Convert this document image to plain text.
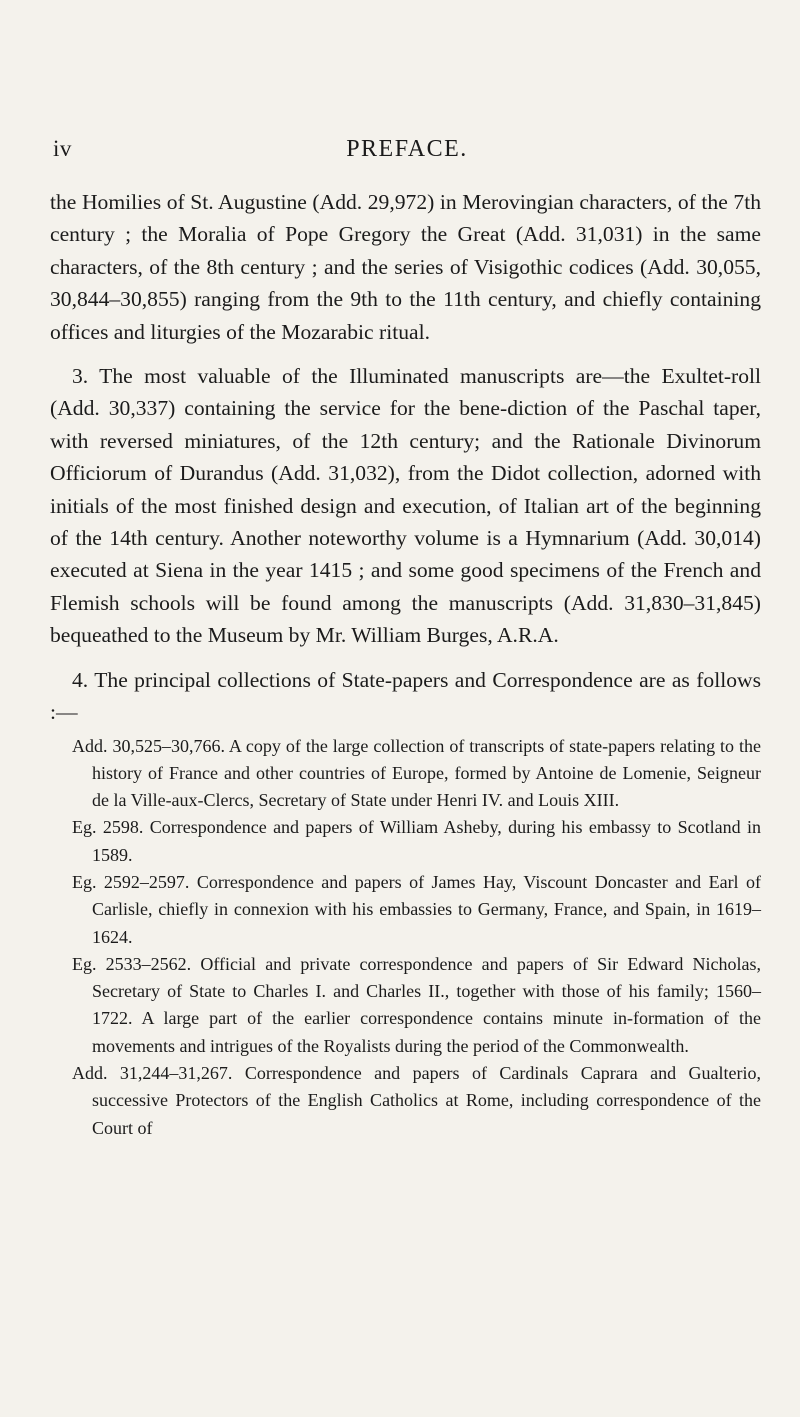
iv	PREFACE.

the Homilies of St. Augustine (Add. 29,972) in Merovingian characters, of the 7th century ; the Moralia of Pope Gregory the Great (Add. 31,031) in the same characters, of the 8th century ; and the series of Visigothic codices (Add. 30,055, 30,844–30,855) ranging from the 9th to the 11th century, and chiefly containing offices and liturgies of the Mozarabic ritual.

3. The most valuable of the Illuminated manuscripts are—the Exultet-roll (Add. 30,337) containing the service for the bene-diction of the Paschal taper, with reversed miniatures, of the 12th century; and the Rationale Divinorum Officiorum of Durandus (Add. 31,032), from the Didot collection, adorned with initials of the most finished design and execution, of Italian art of the beginning of the 14th century. Another noteworthy volume is a Hymnarium (Add. 30,014) executed at Siena in the year 1415 ; and some good specimens of the French and Flemish schools will be found among the manuscripts (Add. 31,830–31,845) bequeathed to the Museum by Mr. William Burges, A.R.A.

4. The principal collections of State-papers and Correspondence are as follows :—

Add. 30,525–30,766. A copy of the large collection of transcripts of state-papers relating to the history of France and other countries of Europe, formed by Antoine de Lomenie, Seigneur de la Ville-aux-Clercs, Secretary of State under Henri IV. and Louis XIII.

Eg. 2598. Correspondence and papers of William Asheby, during his embassy to Scotland in 1589.

Eg. 2592–2597. Correspondence and papers of James Hay, Viscount Doncaster and Earl of Carlisle, chiefly in connexion with his embassies to Germany, France, and Spain, in 1619–1624.

Eg. 2533–2562. Official and private correspondence and papers of Sir Edward Nicholas, Secretary of State to Charles I. and Charles II., together with those of his family; 1560–1722. A large part of the earlier correspondence contains minute in-formation of the movements and intrigues of the Royalists during the period of the Commonwealth.

Add. 31,244–31,267. Correspondence and papers of Cardinals Caprara and Gualterio, successive Protectors of the English Catholics at Rome, including correspondence of the Court of
